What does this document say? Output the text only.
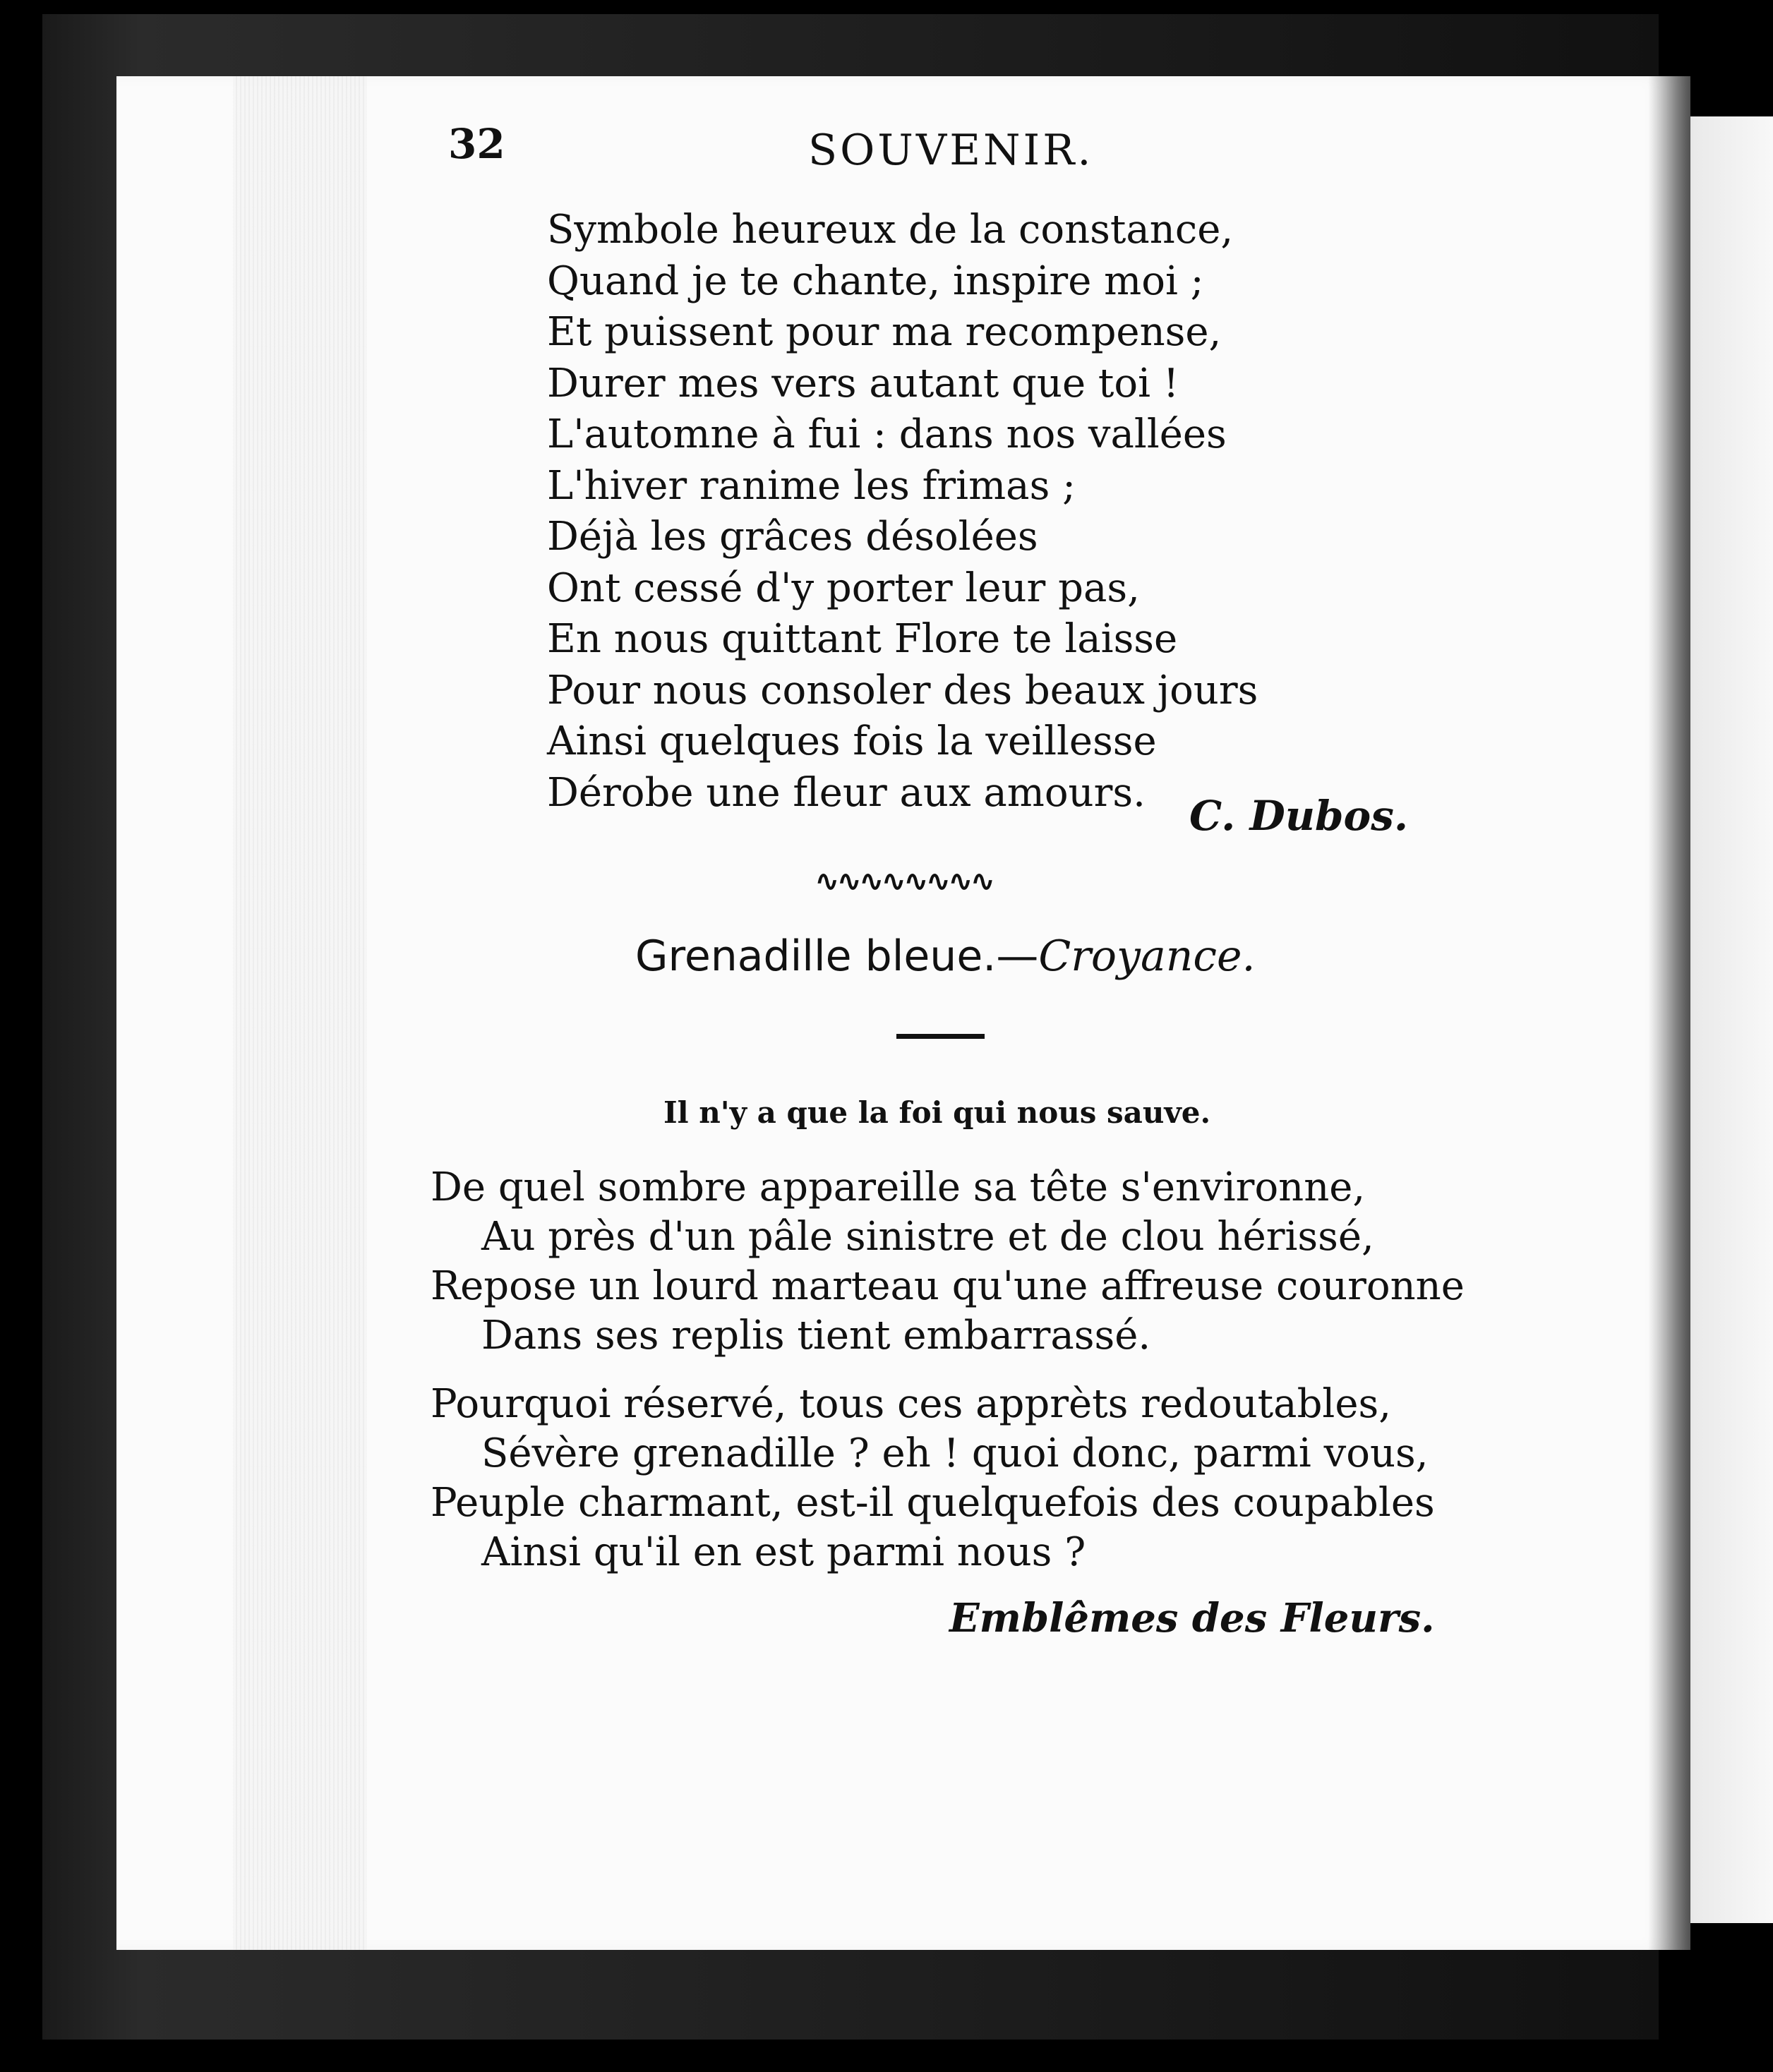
32	SOUVENIR.
Symbole heureux de la constance,
Quand je te chante, inspire moi ;
Et puissent pour ma recompense,
Durer mes vers autant que toi !
L'automne à fui : dans nos vallées
L'hiver ranime les frimas ;
Déjà les grâces désolées
Ont cessé d'y porter leur pas,
En nous quittant Flore te laisse
Pour nous consoler des beaux jours
Ainsi quelques fois la veillesse
Dérobe une fleur aux amours.	C. Dubos.
∿∿∿∿∿∿∿∿
Grenadille bleue.—Croyance.
Il n'y a que la foi qui nous sauve.
De quel sombre appareille sa tête s'environne,
Au près d'un pâle sinistre et de clou hérissé,
Repose un lourd marteau qu'une affreuse couronne
Dans ses replis tient embarrassé.
Pourquoi réservé, tous ces apprèts redoutables,
Sévère grenadille ? eh ! quoi donc, parmi vous,
Peuple charmant, est-il quelquefois des coupables
Ainsi qu'il en est parmi nous ?
Emblêmes des Fleurs.
